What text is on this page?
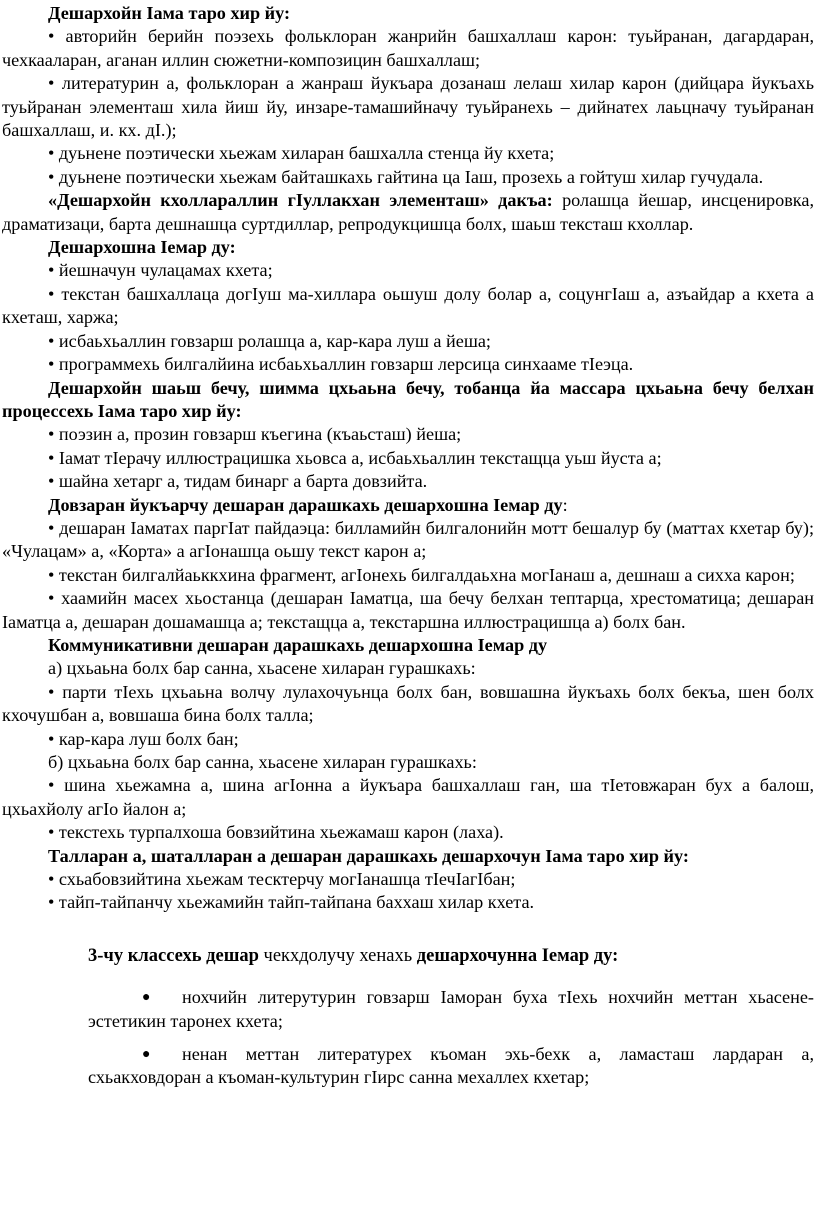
Дешархойн Iама таро хир йу:

• авторийн берийн поэзехь фольклоран жанрийн башхаллаш карон: туьйранан, дагардаран, чехкааларан, аганан иллин сюжетни-композицин башхаллаш;

• литературин а, фольклоран а жанраш йукъара дозанаш лелаш хилар карон (дийцара йукъахь туьйранан элементаш хила йиш йу, инзаре-тамашийначу туьйранехь – дийнатех лаьцначу туьйранан башхаллаш, и. кх. дI.);

• дуьнене поэтически хьежам хиларан башхалла стенца йу кхета;

• дуьнене поэтически хьежам байташкахь гайтина ца Iаш, прозехь а гойтуш хилар гучудала.

«Дешархойн кхоллараллин гIуллакхан элементаш» дакъа: ролашца йешар, инсценировка, драматизаци, барта дешнашца суртдиллар, репродукцишца болх, шаьш тексташ кхоллар.

Дешархошна Iемар ду:

• йешначун чулацамах кхета;

• текстан башхаллаца догIуш ма-хиллара оьшуш долу болар а, соцунгIаш а, азъайдар а кхета а кхеташ, харжа;

• исбаьхьаллин говзарш ролашца а, кар-кара луш а йеша;

• программехь билгалйина исбаьхьаллин говзарш лерсица синхааме тIеэца.

Дешархойн шаьш бечу, шимма цхьаьна бечу, тобанца йа массара цхьаьна бечу белхан процессехь Iама таро хир йу:

• поэзин а, прозин говзарш къегина (къаьсташ) йеша;

• Iамат тIерачу иллюстрацишка хьовса а, исбаьхьаллин текстащца уьш йуста а;

• шайна хетарг а, тидам бинарг а барта довзийта.

Довзаран йукъарчу дешаран дарашкахь дешархошна Iемар ду:

• дешаран Iаматах паргIат пайдаэца: билламийн билгалонийн мотт бешалур бу (маттах кхетар бу); «Чулацам» а, «Корта» а агIонашца оьшу текст карон а;

• текстан билгалйаьккхина фрагмент, агIонехь билгалдаьхна могIанаш а, дешнаш а сихха карон;

• хаамийн масех хьостанца (дешаран Iаматца, ша бечу белхан тептарца, хрестоматица; дешаран Iаматца а, дешаран дошамашца а; текстащца а, текстаршна иллюстрацишца а) болх бан.

Коммуникативни дешаран дарашкахь дешархошна Iемар ду

а) цхьаьна болх бар санна, хьасене хиларан гурашкахь:

• парти тIехь цхьаьна волчу лулахочуьнца болх бан, вовшашна йукъахь болх бекъа, шен болх кхочушбан а, вовшаша бина болх талла;

• кар-кара луш болх бан;

б) цхьаьна болх бар санна, хьасене хиларан гурашкахь:

• шина хьежамна а, шина агIонна а йукъара башхаллаш ган, ша тIетовжаран бух а балош, цхьахйолу агIо йалон а;

• текстехь турпалхоша бовзийтина хьежамаш карон (лаха).

Талларан а, шаталларан а дешаран дарашкахь дешархочун Iама таро хир йу:

• схьабовзийтина хьежам тесктерчу могIанашца тIечIагIбан;

• тайп-тайпанчу хьежамийн тайп-тайпана баххаш хилар кхета.

3-чу классехь дешар чекхдолучу хенахь дешархочунна Iемар ду:

●	нохчийн литерутурин говзарш Iаморан буха тIехь нохчийн меттан хьасене-эстетикин таронех кхета;
●	ненан меттан литературех къоман эхь-бехк а, ламасташ лардаран а, схьакховдоран а къоман-культурин гIирс санна мехаллех кхетар;
